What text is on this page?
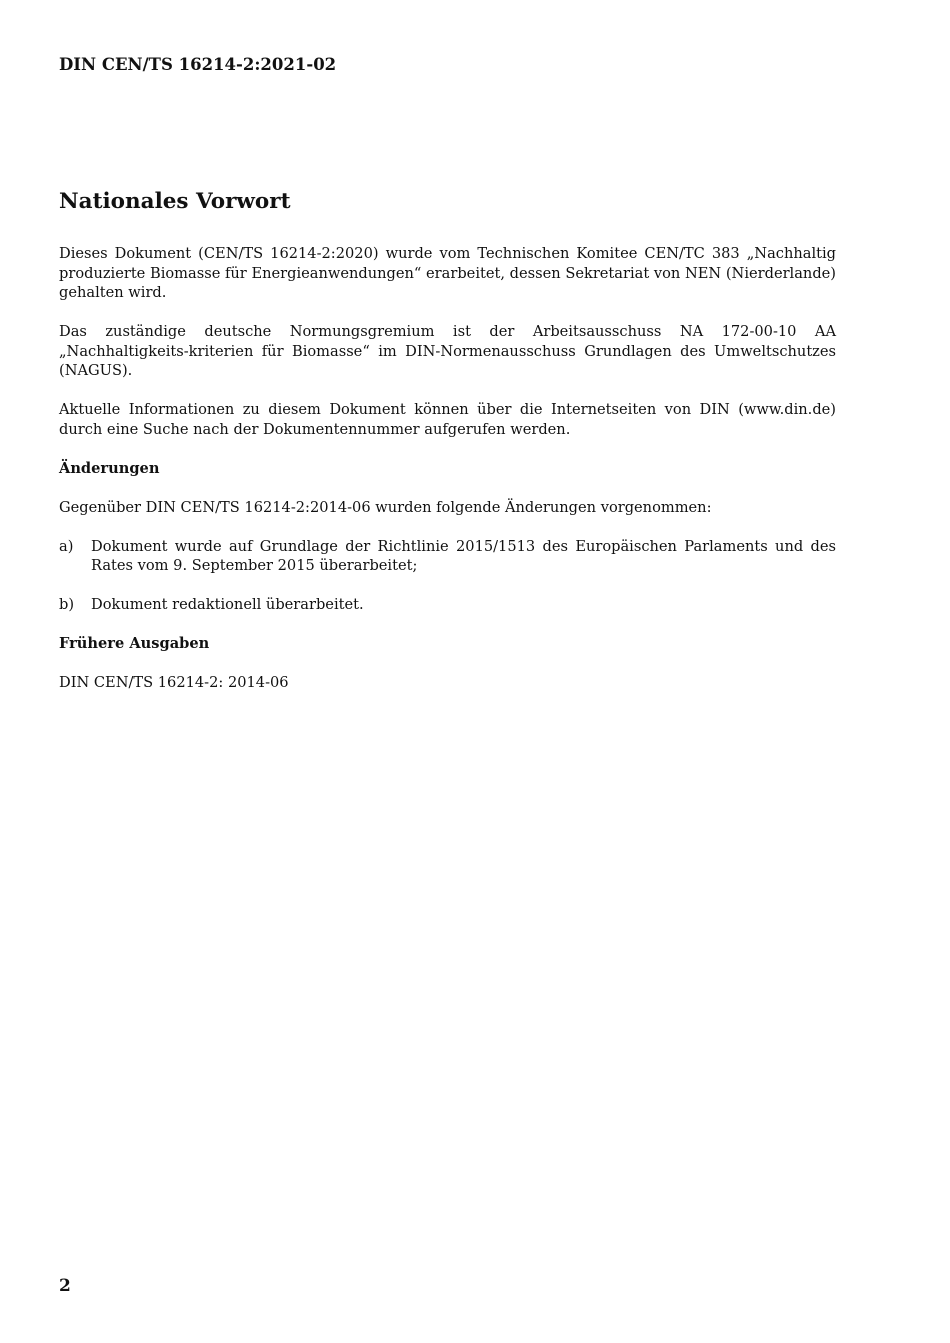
DIN CEN/TS 16214-2:2021-02
Nationales Vorwort

Dieses Dokument (CEN/TS 16214-2:2020) wurde vom Technischen Komitee CEN/TC 383 „Nachhaltig produzierte Biomasse für Energieanwendungen“ erarbeitet, dessen Sekretariat von NEN (Nierderlande) gehalten wird.

Das zuständige deutsche Normungsgremium ist der Arbeitsausschuss NA 172-00-10 AA „Nachhaltigkeits-kriterien für Biomasse“ im DIN-Normenausschuss Grundlagen des Umweltschutzes (NAGUS).

Aktuelle Informationen zu diesem Dokument können über die Internetseiten von DIN (www.din.de) durch eine Suche nach der Dokumentennummer aufgerufen werden.

Änderungen

Gegenüber DIN CEN/TS 16214-2:2014-06 wurden folgende Änderungen vorgenommen:

a) Dokument wurde auf Grundlage der Richtlinie 2015/1513 des Europäischen Parlaments und des Rates vom 9. September 2015 überarbeitet;
b) Dokument redaktionell überarbeitet.

Frühere Ausgaben

DIN CEN/TS 16214-2: 2014-06

2
